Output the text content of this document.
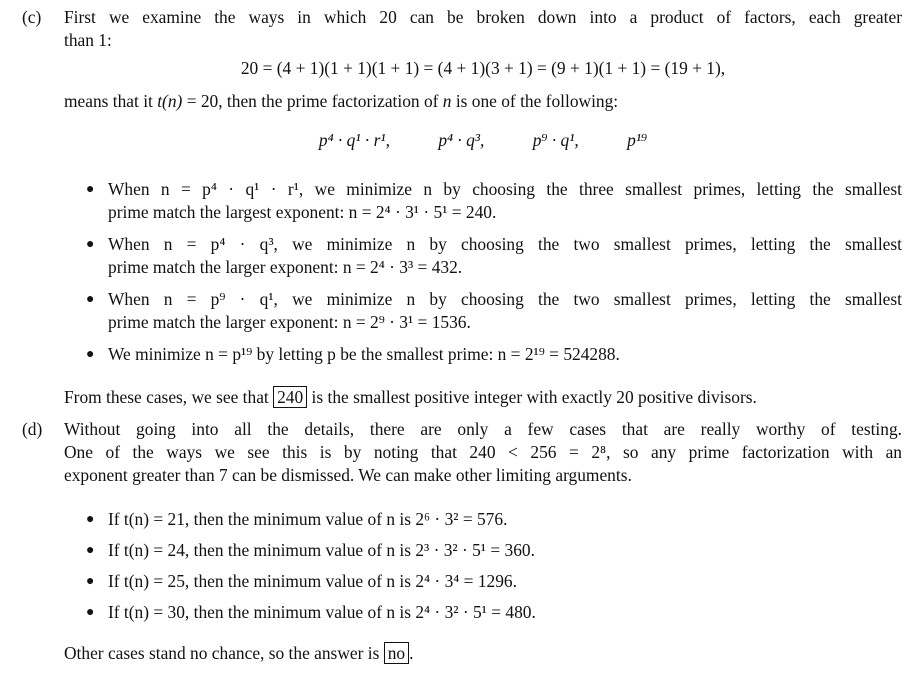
(c)	First we examine the ways in which 20 can be broken down into a product of factors, each greater
than 1:
20 = (4 + 1)(1 + 1)(1 + 1) = (4 + 1)(3 + 1) = (9 + 1)(1 + 1) = (19 + 1),
means that it t(n) = 20, then the prime factorization of n is one of the following:
p⁴ · q¹ · r¹,	p⁴ · q³,	p⁹ · q¹,	p¹⁹
● When n = p⁴ · q¹ · r¹, we minimize n by choosing the three smallest primes, letting the smallest
prime match the largest exponent: n = 2⁴ · 3¹ · 5¹ = 240.
● When n = p⁴ · q³, we minimize n by choosing the two smallest primes, letting the smallest
prime match the larger exponent: n = 2⁴ · 3³ = 432.
● When n = p⁹ · q¹, we minimize n by choosing the two smallest primes, letting the smallest
prime match the larger exponent: n = 2⁹ · 3¹ = 1536.
● We minimize n = p¹⁹ by letting p be the smallest prime: n = 2¹⁹ = 524288.
From these cases, we see that 240 is the smallest positive integer with exactly 20 positive divisors.
(d)	Without going into all the details, there are only a few cases that are really worthy of testing.
One of the ways we see this is by noting that 240 < 256 = 2⁸, so any prime factorization with an
exponent greater than 7 can be dismissed. We can make other limiting arguments.
● If t(n) = 21, then the minimum value of n is 2⁶ · 3² = 576.
● If t(n) = 24, then the minimum value of n is 2³ · 3² · 5¹ = 360.
● If t(n) = 25, then the minimum value of n is 2⁴ · 3⁴ = 1296.
● If t(n) = 30, then the minimum value of n is 2⁴ · 3² · 5¹ = 480.
Other cases stand no chance, so the answer is no .
